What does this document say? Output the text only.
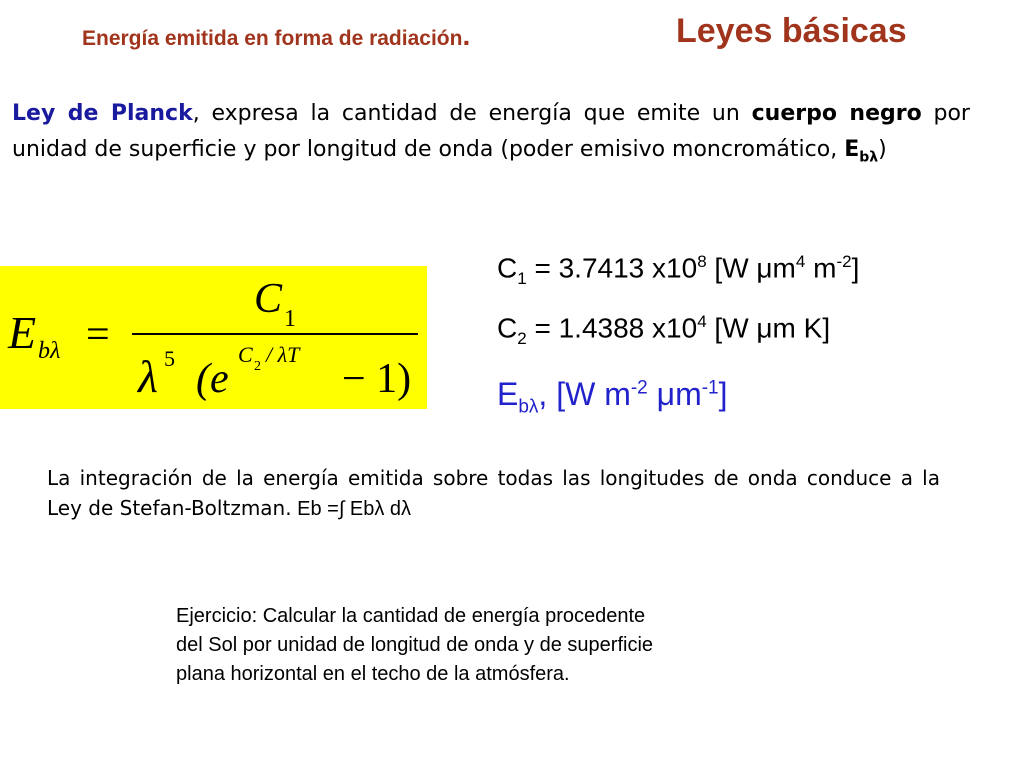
Energía emitida en forma de radiación.	Leyes básicas
Ley de Planck, expresa la cantidad de energía que emite un cuerpo negro por unidad de superficie y por longitud de onda (poder emisivo moncromático, $E_{b\lambda}$)
E bλ =
C 1
λ 5 (e
C 2 / λT
− 1)
$C_1 = 3.7413$ $x10^8$ [W $\mu m^4$ $m^{-2}$]
$C_2 = 1.4388$ $x10^4$ [W μm K]
$E_{b\lambda}$, [W $m^{-2}$ $\mu m^{-1}$]
La integración de la energía emitida sobre todas las longitudes de onda conduce a la Ley de Stefan-Boltzman. Eb =∫ Ebλ dλ
Ejercicio: Calcular la cantidad de energía procedente
del Sol por unidad de longitud de onda y de superficie
plana horizontal en el techo de la atmósfera.
